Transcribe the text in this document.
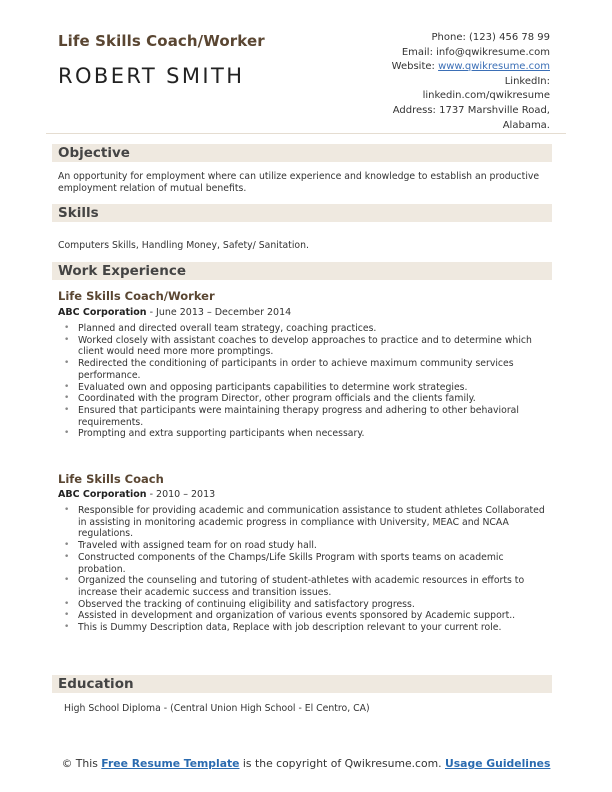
Life Skills Coach/Worker
ROBERT SMITH
Phone: (123) 456 78 99
Email: info@qwikresume.com
Website: www.qwikresume.com
LinkedIn:
linkedin.com/qwikresume
Address: 1737 Marshville Road,
Alabama.
Objective
An opportunity for employment where can utilize experience and knowledge to establish an productive employment relation of mutual benefits.
Skills
Computers Skills, Handling Money, Safety/ Sanitation.
Work Experience
Life Skills Coach/Worker
ABC Corporation - June 2013 – December 2014
• Planned and directed overall team strategy, coaching practices.
• Worked closely with assistant coaches to develop approaches to practice and to determine which client would need more more promptings.
• Redirected the conditioning of participants in order to achieve maximum community services performance.
• Evaluated own and opposing participants capabilities to determine work strategies.
• Coordinated with the program Director, other program officials and the clients family.
• Ensured that participants were maintaining therapy progress and adhering to other behavioral requirements.
• Prompting and extra supporting participants when necessary.
Life Skills Coach
ABC Corporation - 2010 – 2013
• Responsible for providing academic and communication assistance to student athletes Collaborated in assisting in monitoring academic progress in compliance with University, MEAC and NCAA regulations.
• Traveled with assigned team for on road study hall.
• Constructed components of the Champs/Life Skills Program with sports teams on academic probation.
• Organized the counseling and tutoring of student-athletes with academic resources in efforts to increase their academic success and transition issues.
• Observed the tracking of continuing eligibility and satisfactory progress.
• Assisted in development and organization of various events sponsored by Academic support..
• This is Dummy Description data, Replace with job description relevant to your current role.
Education
High School Diploma - (Central Union High School - El Centro, CA)
© This Free Resume Template is the copyright of Qwikresume.com. Usage Guidelines
